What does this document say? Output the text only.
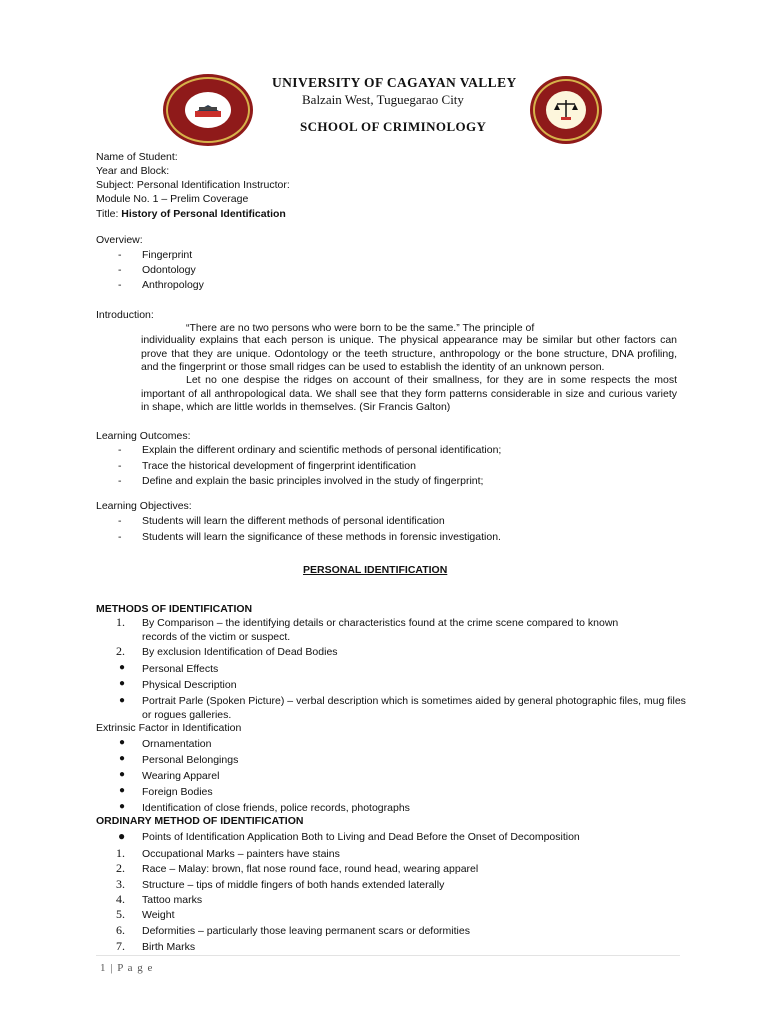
UNIVERSITY OF CAGAYAN VALLEY
Balzain West, Tuguegarao City
SCHOOL OF CRIMINOLOGY
Name of Student:
Year and Block:
Subject: Personal Identification Instructor:
Module No. 1 – Prelim Coverage
Title: History of Personal Identification
Overview:
- Fingerprint
- Odontology
- Anthropology
Introduction:
“There are no two persons who were born to be the same.” The principle of
individuality explains that each person is unique. The physical appearance may be similar but other factors can prove that they are unique. Odontology or the teeth structure, anthropology or the bone structure, DNA profiling, and the fingerprint or those small ridges can be used to establish the identity of an unknown person.
Let no one despise the ridges on account of their smallness, for they are in some respects the most important of all anthropological data. We shall see that they form patterns considerable in size and curious variety in shape, which are little worlds in themselves. (Sir Francis Galton)
Learning Outcomes:
- Explain the different ordinary and scientific methods of personal identification;
- Trace the historical development of fingerprint identification
- Define and explain the basic principles involved in the study of fingerprint;
Learning Objectives:
- Students will learn the different methods of personal identification
- Students will learn the significance of these methods in forensic investigation.
PERSONAL IDENTIFICATION
METHODS OF IDENTIFICATION
1. By Comparison – the identifying details or characteristics found at the crime scene compared to known
records of the victim or suspect.
2. By exclusion Identification of Dead Bodies
● Personal Effects
● Physical Description
● Portrait Parle (Spoken Picture) – verbal description which is sometimes aided by general photographic files, mug files
or rogues galleries.
Extrinsic Factor in Identification
● Ornamentation
● Personal Belongings
● Wearing Apparel
● Foreign Bodies
● Identification of close friends, police records, photographs
ORDINARY METHOD OF IDENTIFICATION
● Points of Identification Application Both to Living and Dead Before the Onset of Decomposition
1. Occupational Marks – painters have stains
2. Race – Malay: brown, flat nose round face, round head, wearing apparel
3. Structure – tips of middle fingers of both hands extended laterally
4. Tattoo marks
5. Weight
6. Deformities – particularly those leaving permanent scars or deformities
7. Birth Marks
1 | P a g e
